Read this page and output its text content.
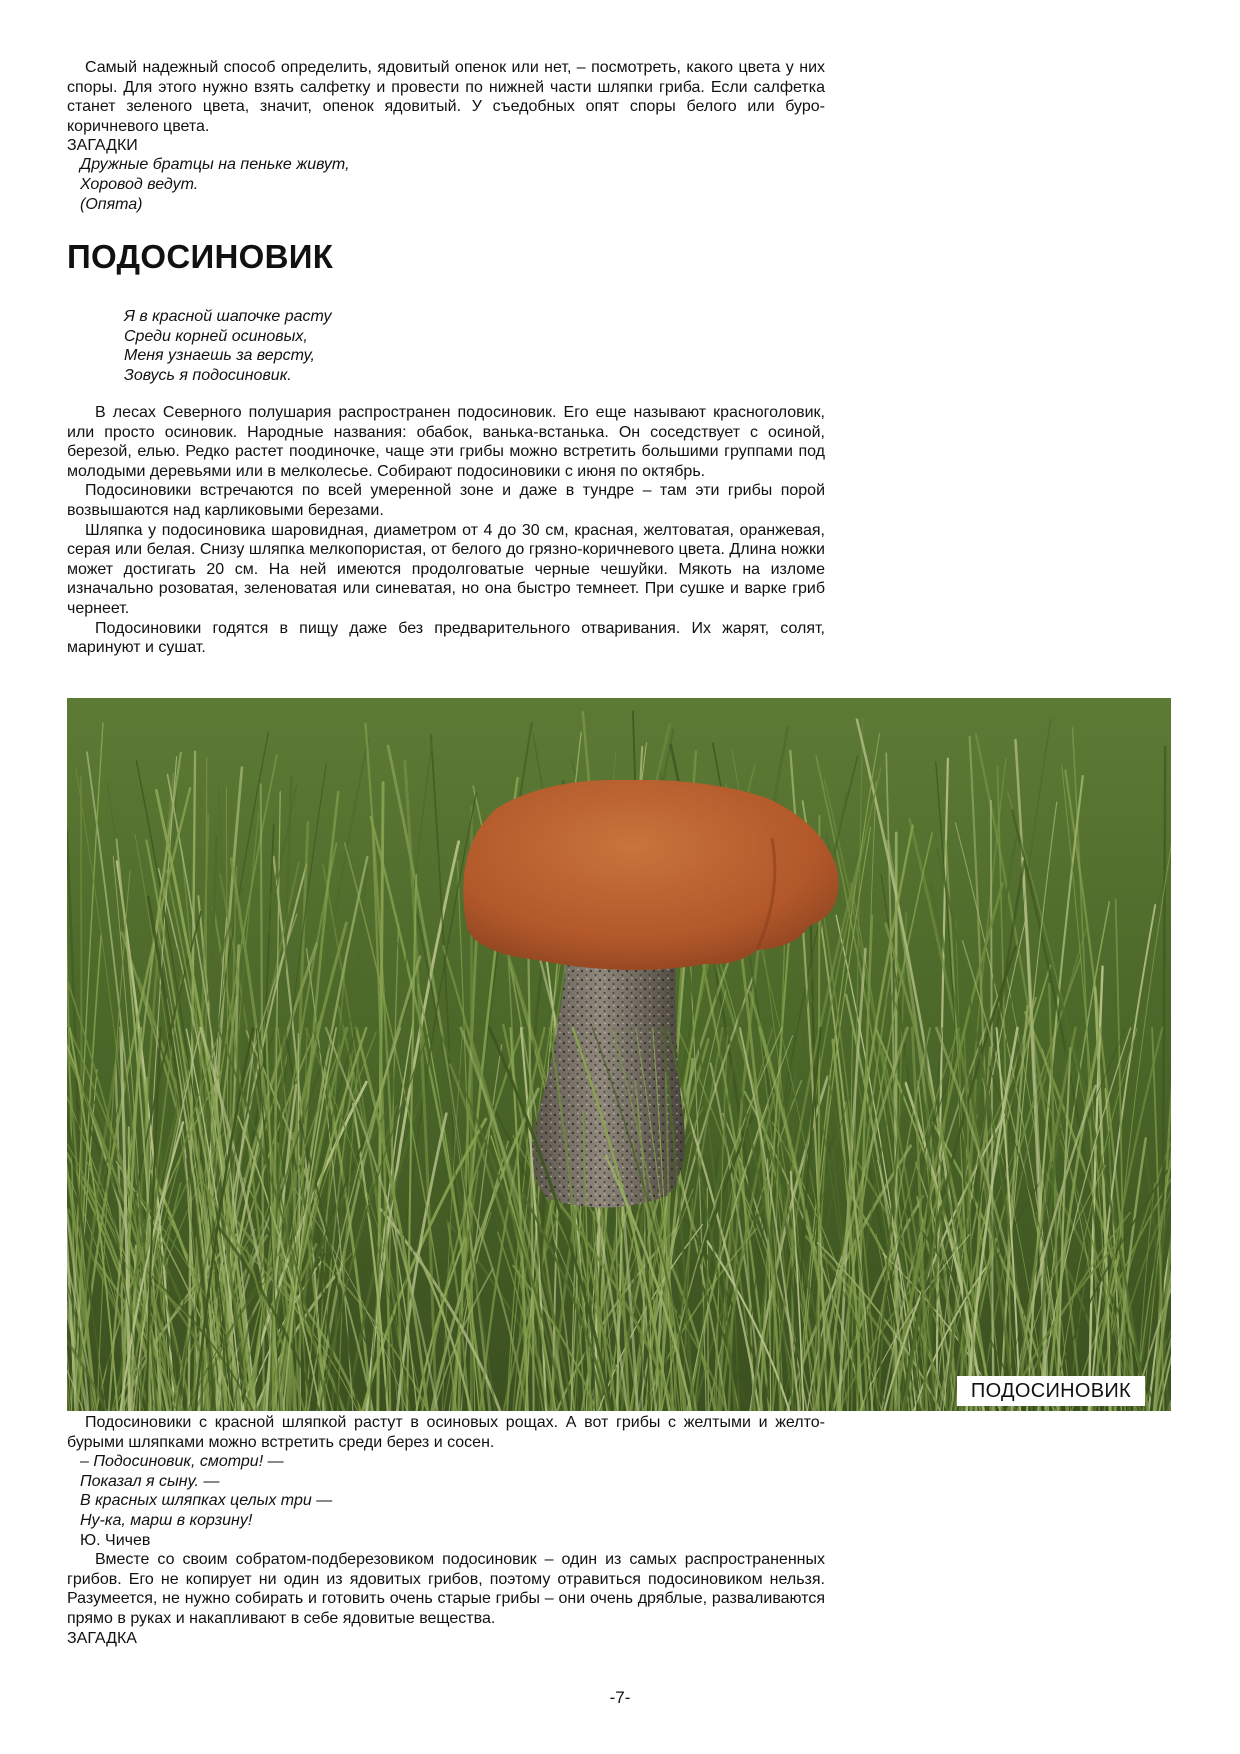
Самый надежный способ определить, ядовитый опенок или нет, – посмотреть, какого цвета у них споры. Для этого нужно взять салфетку и провести по нижней части шляпки гриба. Если салфетка станет зеленого цвета, значит, опенок ядовитый. У съедобных опят споры белого или буро-коричневого цвета.

ЗАГАДКИ
Дружные братцы на пеньке живут,
Хоровод ведут.
(Опята)
ПОДОСИНОВИК
Я в красной шапочке расту
Среди корней осиновых,
Меня узнаешь за версту,
Зовусь я подосиновик.

В лесах Северного полушария распространен подосиновик. Его еще называют красноголовик, или просто осиновик. Народные названия: обабок, ванька-встанька. Он соседствует с осиной, березой, елью. Редко растет поодиночке, чаще эти грибы можно встретить большими группами под молодыми деревьями или в мелколесье. Собирают подосиновики с июня по октябрь.

Подосиновики встречаются по всей умеренной зоне и даже в тундре – там эти грибы порой возвышаются над карликовыми березами.

Шляпка у подосиновика шаровидная, диаметром от 4 до 30 см, красная, желтоватая, оранжевая, серая или белая. Снизу шляпка мелкопористая, от белого до грязно-коричневого цвета. Длина ножки может достигать 20 см. На ней имеются продолговатые черные чешуйки. Мякоть на изломе изначально розоватая, зеленоватая или синеватая, но она быстро темнеет. При сушке и варке гриб чернеет.

Подосиновики годятся в пищу даже без предварительного отваривания. Их жарят, солят, маринуют и сушат.

ПОДОСИНОВИК

Подосиновики с красной шляпкой растут в осиновых рощах. А вот грибы с желтыми и желто-бурыми шляпками можно встретить среди берез и сосен.

– Подосиновик, смотри! —
Показал я сыну. —
В красных шляпках целых три —
Ну-ка, марш в корзину!
Ю. Чичев

Вместе со своим собратом-подберезовиком подосиновик – один из самых распространенных грибов. Его не копирует ни один из ядовитых грибов, поэтому отравиться подосиновиком нельзя. Разумеется, не нужно собирать и готовить очень старые грибы – они очень дряблые, разваливаются прямо в руках и накапливают в себе ядовитые вещества.

ЗАГАДКА
-7-
